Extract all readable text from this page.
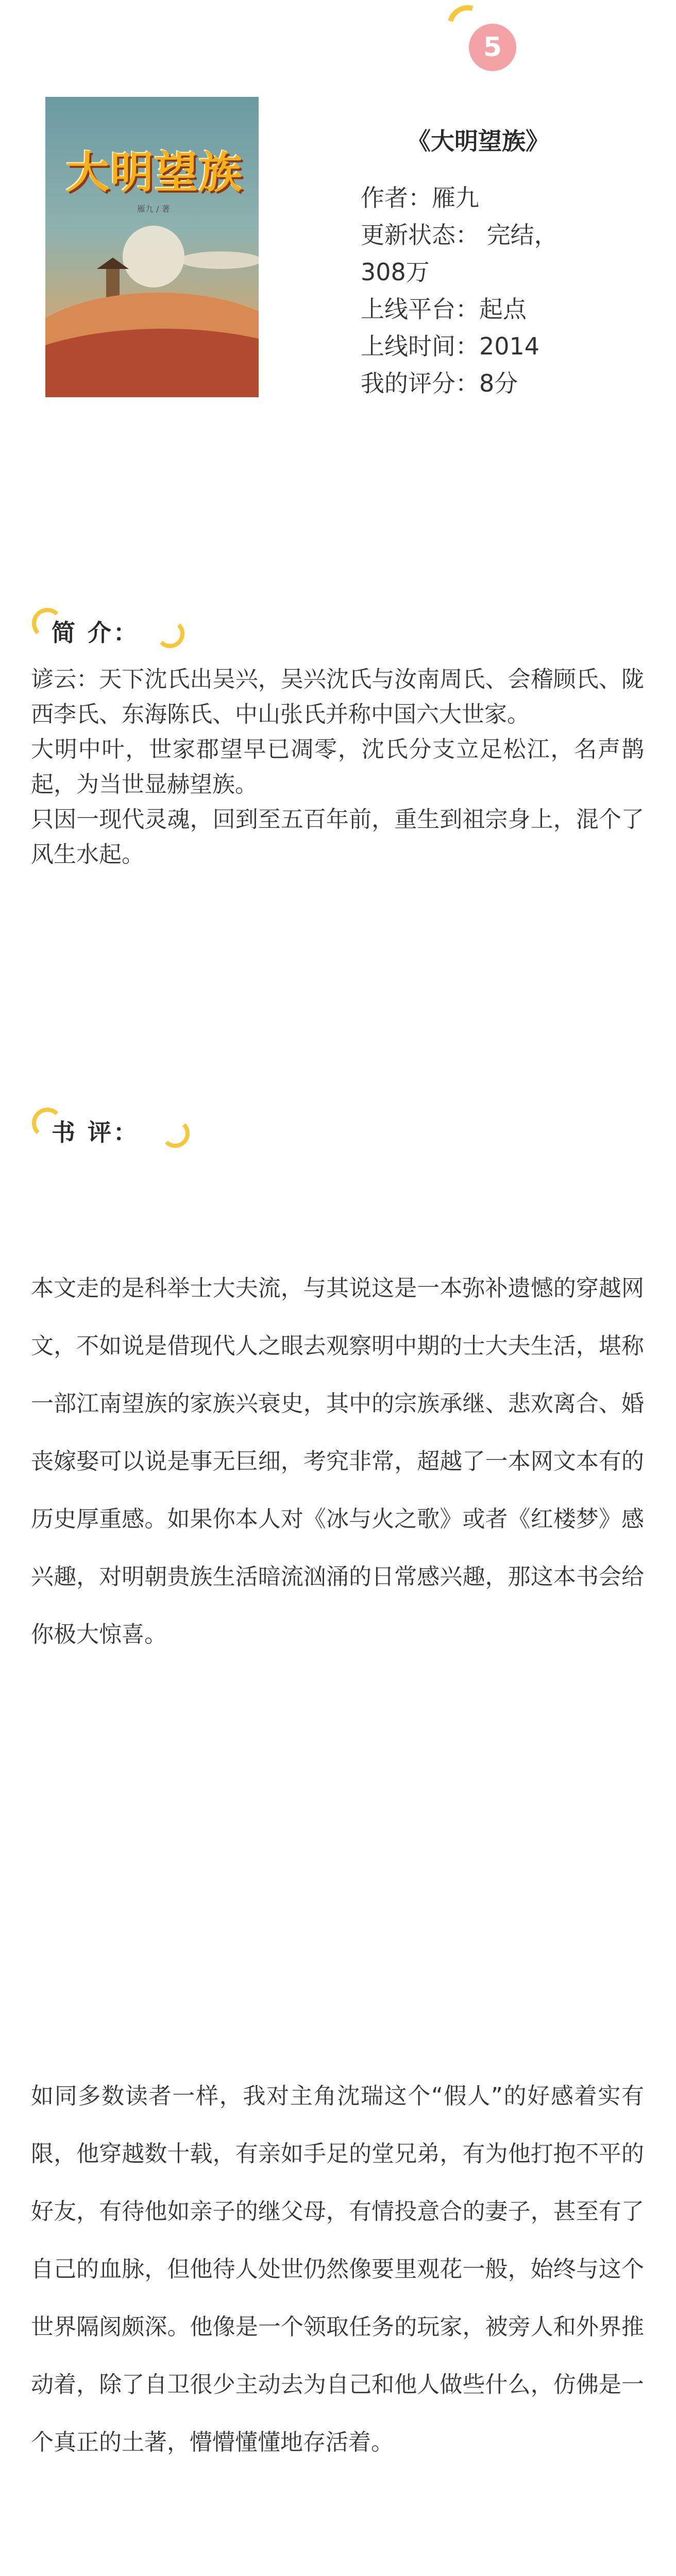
5
大明望族
雁九 / 著
《大明望族》
作者：雁九
更新状态： 完结，
308万
上线平台：起点
上线时间：2014
我的评分：8分
简 介：
谚云：天下沈氏出吴兴，吴兴沈氏与汝南周氏、会稽顾氏、陇西李氏、东海陈氏、中山张氏并称中国六大世家。
大明中叶，世家郡望早已凋零，沈氏分支立足松江，名声鹊起，为当世显赫望族。
只因一现代灵魂，回到至五百年前，重生到祖宗身上，混个了风生水起。
书 评：
本文走的是科举士大夫流，与其说这是一本弥补遗憾的穿越网文，不如说是借现代人之眼去观察明中期的士大夫生活，堪称一部江南望族的家族兴衰史，其中的宗族承继、悲欢离合、婚丧嫁娶可以说是事无巨细，考究非常，超越了一本网文本有的历史厚重感。如果你本人对《冰与火之歌》或者《红楼梦》感兴趣，对明朝贵族生活暗流汹涌的日常感兴趣，那这本书会给你极大惊喜。
如同多数读者一样，我对主角沈瑞这个“假人”的好感着实有限，他穿越数十载，有亲如手足的堂兄弟，有为他打抱不平的好友，有待他如亲子的继父母，有情投意合的妻子，甚至有了自己的血脉，但他待人处世仍然像要里观花一般，始终与这个世界隔阂颇深。他像是一个领取任务的玩家，被旁人和外界推动着，除了自卫很少主动去为自己和他人做些什么，仿佛是一个真正的土著，懵懵懂懂地存活着。
